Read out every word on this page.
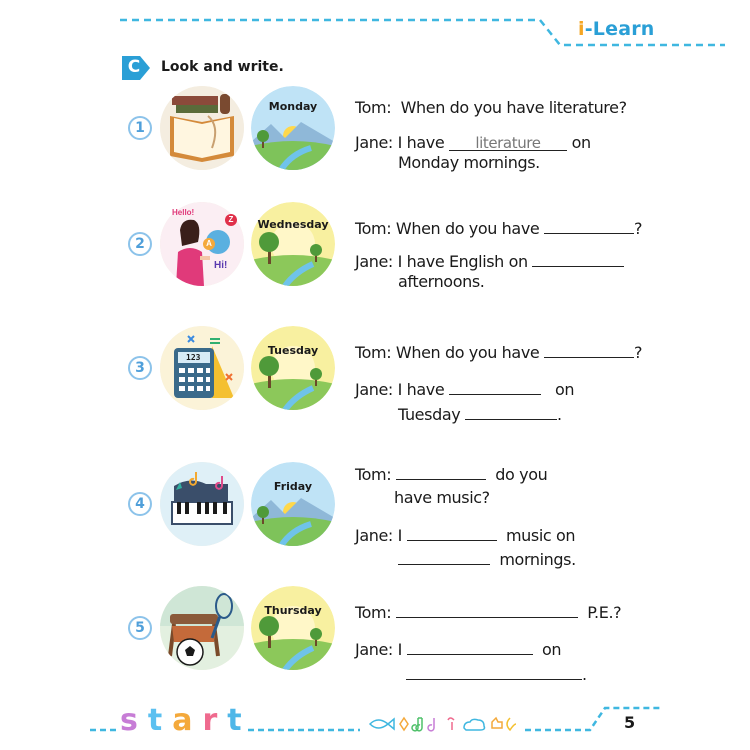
i-Learn
C	Look and write.
1
Monday	Tom: When do you have literature?
Jane: I have literature on
Monday mornings.
2
Hello!
Hi!
A
Z	Wednesday	Tom: When do you have	?
Jane: I have English on
afternoons.
3
123
Tuesday	Tom: When do you have	?
Jane: I have	on
Tuesday	.
4
Friday
Tom:	do you
have music?
Jane: I	music on
mornings.
5
Thursday	Tom:	P.E.?
Jane: I	on
.
start	5
